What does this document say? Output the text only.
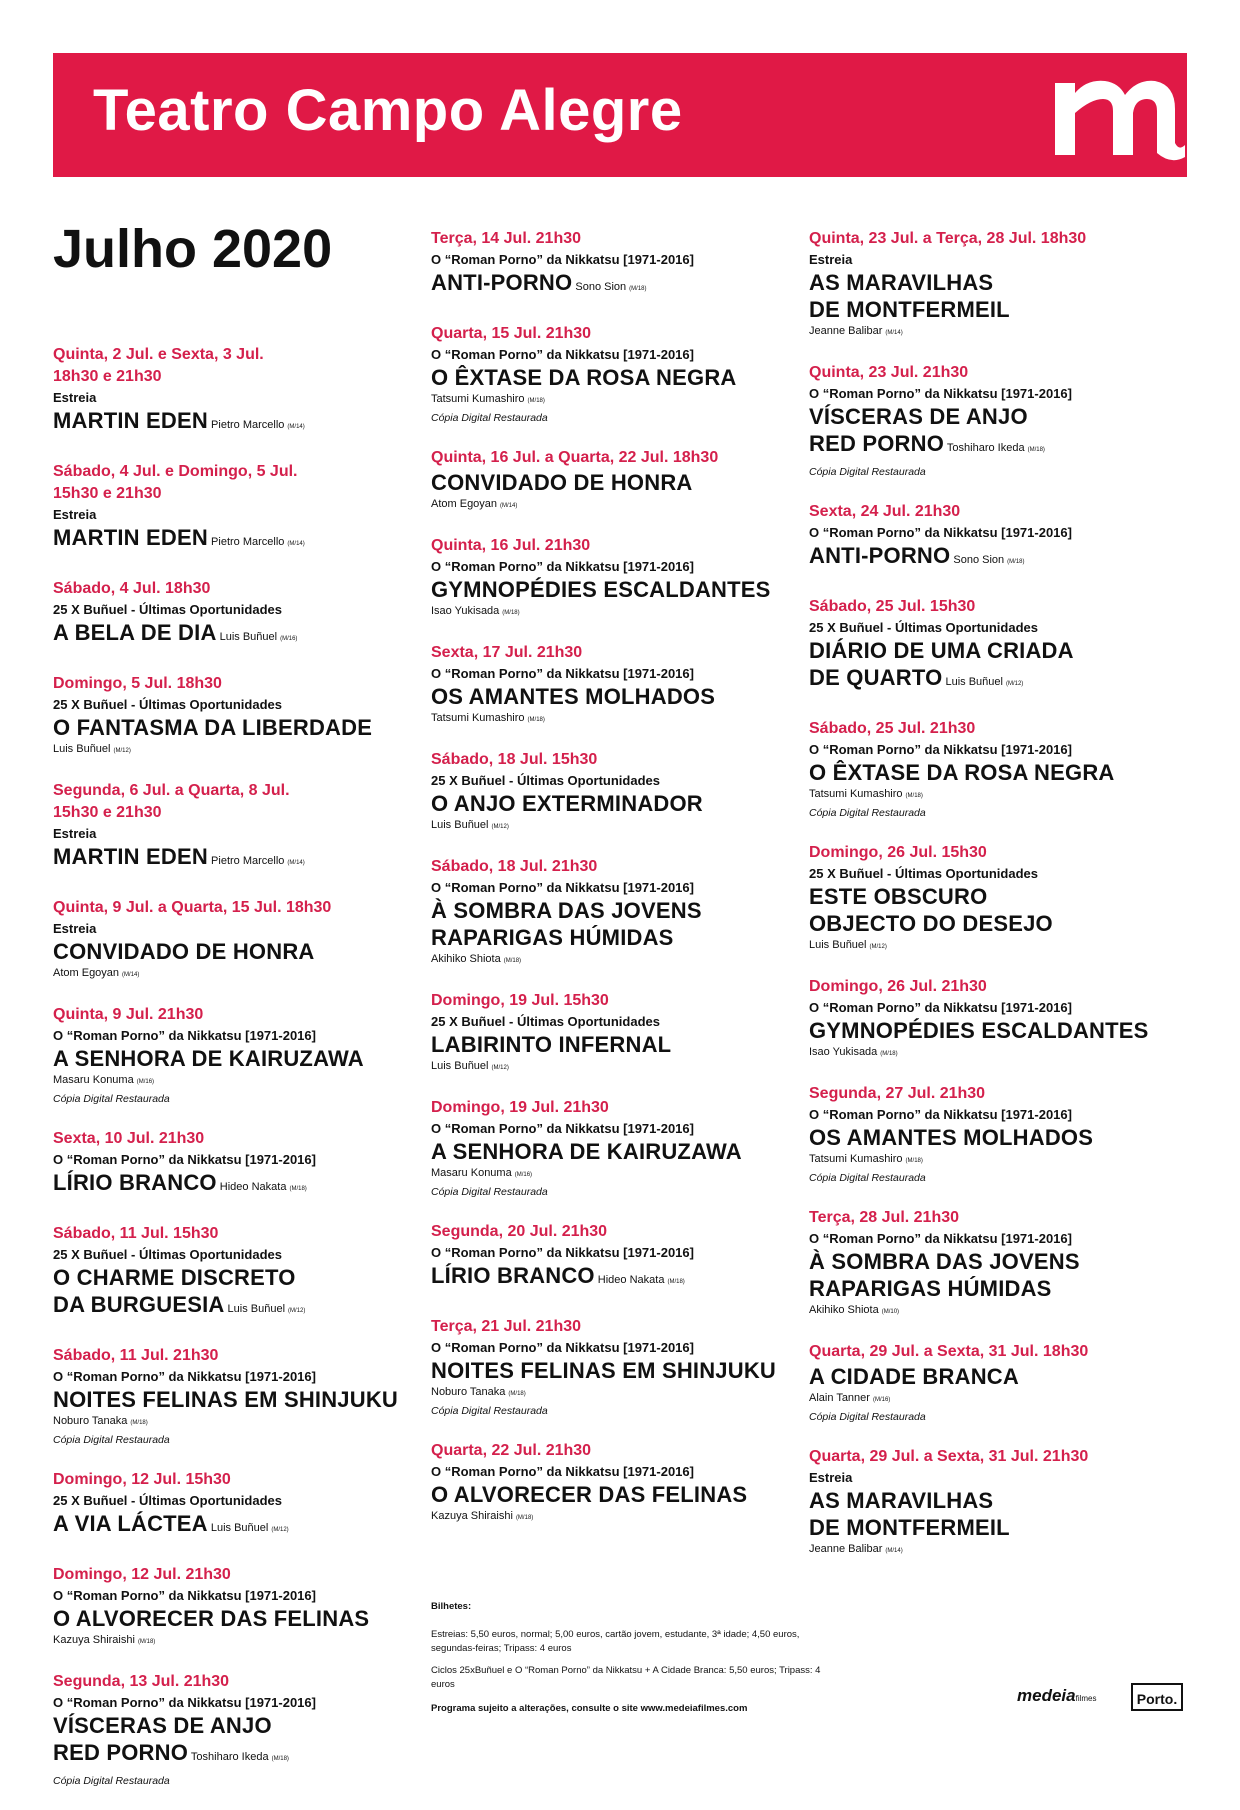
Teatro Campo Alegre
Julho 2020
Quinta, 2 Jul. e Sexta, 3 Jul.
18h30 e 21h30
Estreia
MARTIN EDEN Pietro Marcello (M/14)
Sábado, 4 Jul. e Domingo, 5 Jul.
15h30 e 21h30
Estreia
MARTIN EDEN Pietro Marcello (M/14)
Sábado, 4 Jul. 18h30
25 X Buñuel - Últimas Oportunidades
A BELA DE DIA Luis Buñuel (M/16)
Domingo, 5 Jul. 18h30
25 X Buñuel - Últimas Oportunidades
O FANTASMA DA LIBERDADE
Luis Buñuel (M/12)
Segunda, 6 Jul. a Quarta, 8 Jul.
15h30 e 21h30
Estreia
MARTIN EDEN Pietro Marcello (M/14)
Quinta, 9 Jul. a Quarta, 15 Jul. 18h30
Estreia
CONVIDADO DE HONRA
Atom Egoyan (M/14)
Quinta, 9 Jul. 21h30
O “Roman Porno” da Nikkatsu [1971-2016]
A SENHORA DE KAIRUZAWA
Masaru Konuma (M/16)
Cópia Digital Restaurada
Sexta, 10 Jul. 21h30
O “Roman Porno” da Nikkatsu [1971-2016]
LÍRIO BRANCO Hideo Nakata (M/18)
Sábado, 11 Jul. 15h30
25 X Buñuel - Últimas Oportunidades
O CHARME DISCRETO
DA BURGUESIA Luis Buñuel (M/12)
Sábado, 11 Jul. 21h30
O “Roman Porno” da Nikkatsu [1971-2016]
NOITES FELINAS EM SHINJUKU
Noburo Tanaka (M/18)
Cópia Digital Restaurada
Domingo, 12 Jul. 15h30
25 X Buñuel - Últimas Oportunidades
A VIA LÁCTEA Luis Buñuel (M/12)
Domingo, 12 Jul. 21h30
O “Roman Porno” da Nikkatsu [1971-2016]
O ALVORECER DAS FELINAS
Kazuya Shiraishi (M/18)
Segunda, 13 Jul. 21h30
O “Roman Porno” da Nikkatsu [1971-2016]
VÍSCERAS DE ANJO
RED PORNO Toshiharo Ikeda (M/18)
Cópia Digital Restaurada
Terça, 14 Jul. 21h30
O “Roman Porno” da Nikkatsu [1971-2016]
ANTI-PORNO Sono Sion (M/18)
Quarta, 15 Jul. 21h30
O “Roman Porno” da Nikkatsu [1971-2016]
O ÊXTASE DA ROSA NEGRA
Tatsumi Kumashiro (M/18)
Cópia Digital Restaurada
Quinta, 16 Jul. a Quarta, 22 Jul. 18h30
CONVIDADO DE HONRA
Atom Egoyan (M/14)
Quinta, 16 Jul. 21h30
O “Roman Porno” da Nikkatsu [1971-2016]
GYMNOPÉDIES ESCALDANTES
Isao Yukisada (M/18)
Sexta, 17 Jul. 21h30
O “Roman Porno” da Nikkatsu [1971-2016]
OS AMANTES MOLHADOS
Tatsumi Kumashiro (M/18)
Sábado, 18 Jul. 15h30
25 X Buñuel - Últimas Oportunidades
O ANJO EXTERMINADOR
Luis Buñuel (M/12)
Sábado, 18 Jul. 21h30
O “Roman Porno” da Nikkatsu [1971-2016]
À SOMBRA DAS JOVENS
RAPARIGAS HÚMIDAS
Akihiko Shiota (M/18)
Domingo, 19 Jul. 15h30
25 X Buñuel - Últimas Oportunidades
LABIRINTO INFERNAL
Luis Buñuel (M/12)
Domingo, 19 Jul. 21h30
O “Roman Porno” da Nikkatsu [1971-2016]
A SENHORA DE KAIRUZAWA
Masaru Konuma (M/16)
Cópia Digital Restaurada
Segunda, 20 Jul. 21h30
O “Roman Porno” da Nikkatsu [1971-2016]
LÍRIO BRANCO Hideo Nakata (M/18)
Terça, 21 Jul. 21h30
O “Roman Porno” da Nikkatsu [1971-2016]
NOITES FELINAS EM SHINJUKU
Noburo Tanaka (M/18)
Cópia Digital Restaurada
Quarta, 22 Jul. 21h30
O “Roman Porno” da Nikkatsu [1971-2016]
O ALVORECER DAS FELINAS
Kazuya Shiraishi (M/18)
Quinta, 23 Jul. a Terça, 28 Jul. 18h30
Estreia
AS MARAVILHAS
DE MONTFERMEIL
Jeanne Balibar (M/14)
Quinta, 23 Jul. 21h30
O “Roman Porno” da Nikkatsu [1971-2016]
VÍSCERAS DE ANJO
RED PORNO Toshiharo Ikeda (M/18)
Cópia Digital Restaurada
Sexta, 24 Jul. 21h30
O “Roman Porno” da Nikkatsu [1971-2016]
ANTI-PORNO Sono Sion (M/18)
Sábado, 25 Jul. 15h30
25 X Buñuel - Últimas Oportunidades
DIÁRIO DE UMA CRIADA
DE QUARTO Luis Buñuel (M/12)
Sábado, 25 Jul. 21h30
O “Roman Porno” da Nikkatsu [1971-2016]
O ÊXTASE DA ROSA NEGRA
Tatsumi Kumashiro (M/18)
Cópia Digital Restaurada
Domingo, 26 Jul. 15h30
25 X Buñuel - Últimas Oportunidades
ESTE OBSCURO
OBJECTO DO DESEJO
Luis Buñuel (M/12)
Domingo, 26 Jul. 21h30
O “Roman Porno” da Nikkatsu [1971-2016]
GYMNOPÉDIES ESCALDANTES
Isao Yukisada (M/18)
Segunda, 27 Jul. 21h30
O “Roman Porno” da Nikkatsu [1971-2016]
OS AMANTES MOLHADOS
Tatsumi Kumashiro (M/18)
Cópia Digital Restaurada
Terça, 28 Jul. 21h30
O “Roman Porno” da Nikkatsu [1971-2016]
À SOMBRA DAS JOVENS
RAPARIGAS HÚMIDAS
Akihiko Shiota (M/10)
Quarta, 29 Jul. a Sexta, 31 Jul. 18h30
A CIDADE BRANCA
Alain Tanner (M/16)
Cópia Digital Restaurada
Quarta, 29 Jul. a Sexta, 31 Jul. 21h30
Estreia
AS MARAVILHAS
DE MONTFERMEIL
Jeanne Balibar (M/14)
Bilhetes:

Estreias: 5,50 euros, normal; 5,00 euros, cartão jovem, estudante, 3ª idade; 4,50 euros, segundas-feiras; Tripass: 4 euros

Ciclos 25xBuñuel e O “Roman Porno” da Nikkatsu + A Cidade Branca: 5,50 euros; Tripass: 4 euros

Programa sujeito a alterações, consulte o site www.medeiafilmes.com
medeiafilmes	Porto.
